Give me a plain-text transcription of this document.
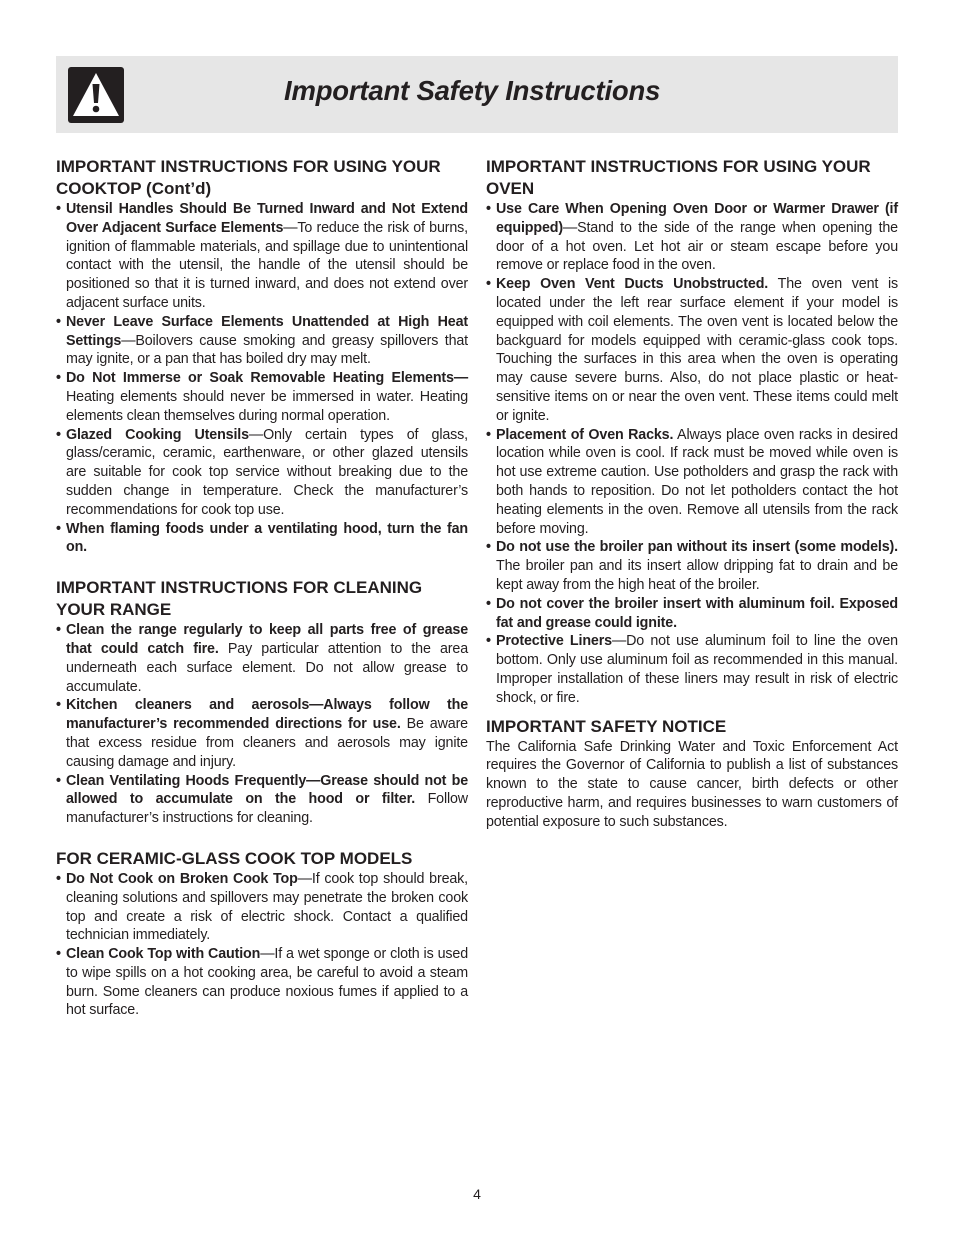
Important Safety Instructions
IMPORTANT INSTRUCTIONS FOR USING YOUR COOKTOP (Cont’d)
• Utensil Handles Should Be Turned Inward and Not Extend Over Adjacent Surface Elements—To reduce the risk of burns, ignition of flammable materials, and spillage due to unintentional contact with the utensil, the handle of the utensil should be positioned so that it is turned inward, and does not extend over adjacent surface units.
• Never Leave Surface Elements Unattended at High Heat Settings—Boilovers cause smoking and greasy spillovers that may ignite, or a pan that has boiled dry may melt.
• Do Not Immerse or Soak Removable Heating Elements— Heating elements should never be immersed in water. Heating elements clean themselves during normal operation.
• Glazed Cooking Utensils—Only certain types of glass, glass/ceramic, ceramic, earthenware, or other glazed utensils are suitable for cook top service without breaking due to the sudden change in temperature. Check the manufacturer’s recommendations for cook top use.
• When flaming foods under a ventilating hood, turn the fan on.
IMPORTANT INSTRUCTIONS FOR CLEANING YOUR RANGE
• Clean the range regularly to keep all parts free of grease that could catch fire. Pay particular attention to the area underneath each surface element. Do not allow grease to accumulate.
• Kitchen cleaners and aerosols—Always follow the manufacturer’s recommended directions for use. Be aware that excess residue from cleaners and aerosols may ignite causing damage and injury.
• Clean Ventilating Hoods Frequently—Grease should not be allowed to accumulate on the hood or filter. Follow manufacturer’s instructions for cleaning.
FOR CERAMIC-GLASS COOK TOP MODELS
• Do Not Cook on Broken Cook Top—If cook top should break, cleaning solutions and spillovers may penetrate the broken cook top and create a risk of electric shock. Contact a qualified technician immediately.
• Clean Cook Top with Caution—If a wet sponge or cloth is used to wipe spills on a hot cooking area, be careful to avoid a steam burn. Some cleaners can produce noxious fumes if applied to a hot surface.
IMPORTANT INSTRUCTIONS FOR USING YOUR OVEN
• Use Care When Opening Oven Door or Warmer Drawer (if equipped)—Stand to the side of the range when opening the door of a hot oven. Let hot air or steam escape before you remove or replace food in the oven.
• Keep Oven Vent Ducts Unobstructed. The oven vent is located under the left rear surface element if your model is equipped with coil elements. The oven vent is located below the backguard for models equipped with ceramic-glass cook tops. Touching the surfaces in this area when the oven is operating may cause severe burns. Also, do not place plastic or heat-sensitive items on or near the oven vent. These items could melt or ignite.
• Placement of Oven Racks. Always place oven racks in desired location while oven is cool. If rack must be moved while oven is hot use extreme caution. Use potholders and grasp the rack with both hands to reposition. Do not let potholders contact the hot heating elements in the oven. Remove all utensils from the rack before moving.
• Do not use the broiler pan without its insert (some models). The broiler pan and its insert allow dripping fat to drain and be kept away from the high heat of the broiler.
• Do not cover the broiler insert with aluminum foil. Exposed fat and grease could ignite.
• Protective Liners—Do not use aluminum foil to line the oven bottom. Only use aluminum foil as recommended in this manual. Improper installation of these liners may result in risk of electric shock, or fire.
IMPORTANT SAFETY NOTICE

The California Safe Drinking Water and Toxic Enforcement Act requires the Governor of California to publish a list of substances known to the state to cause cancer, birth defects or other reproductive harm, and requires businesses to warn customers of potential exposure to such substances.

4
